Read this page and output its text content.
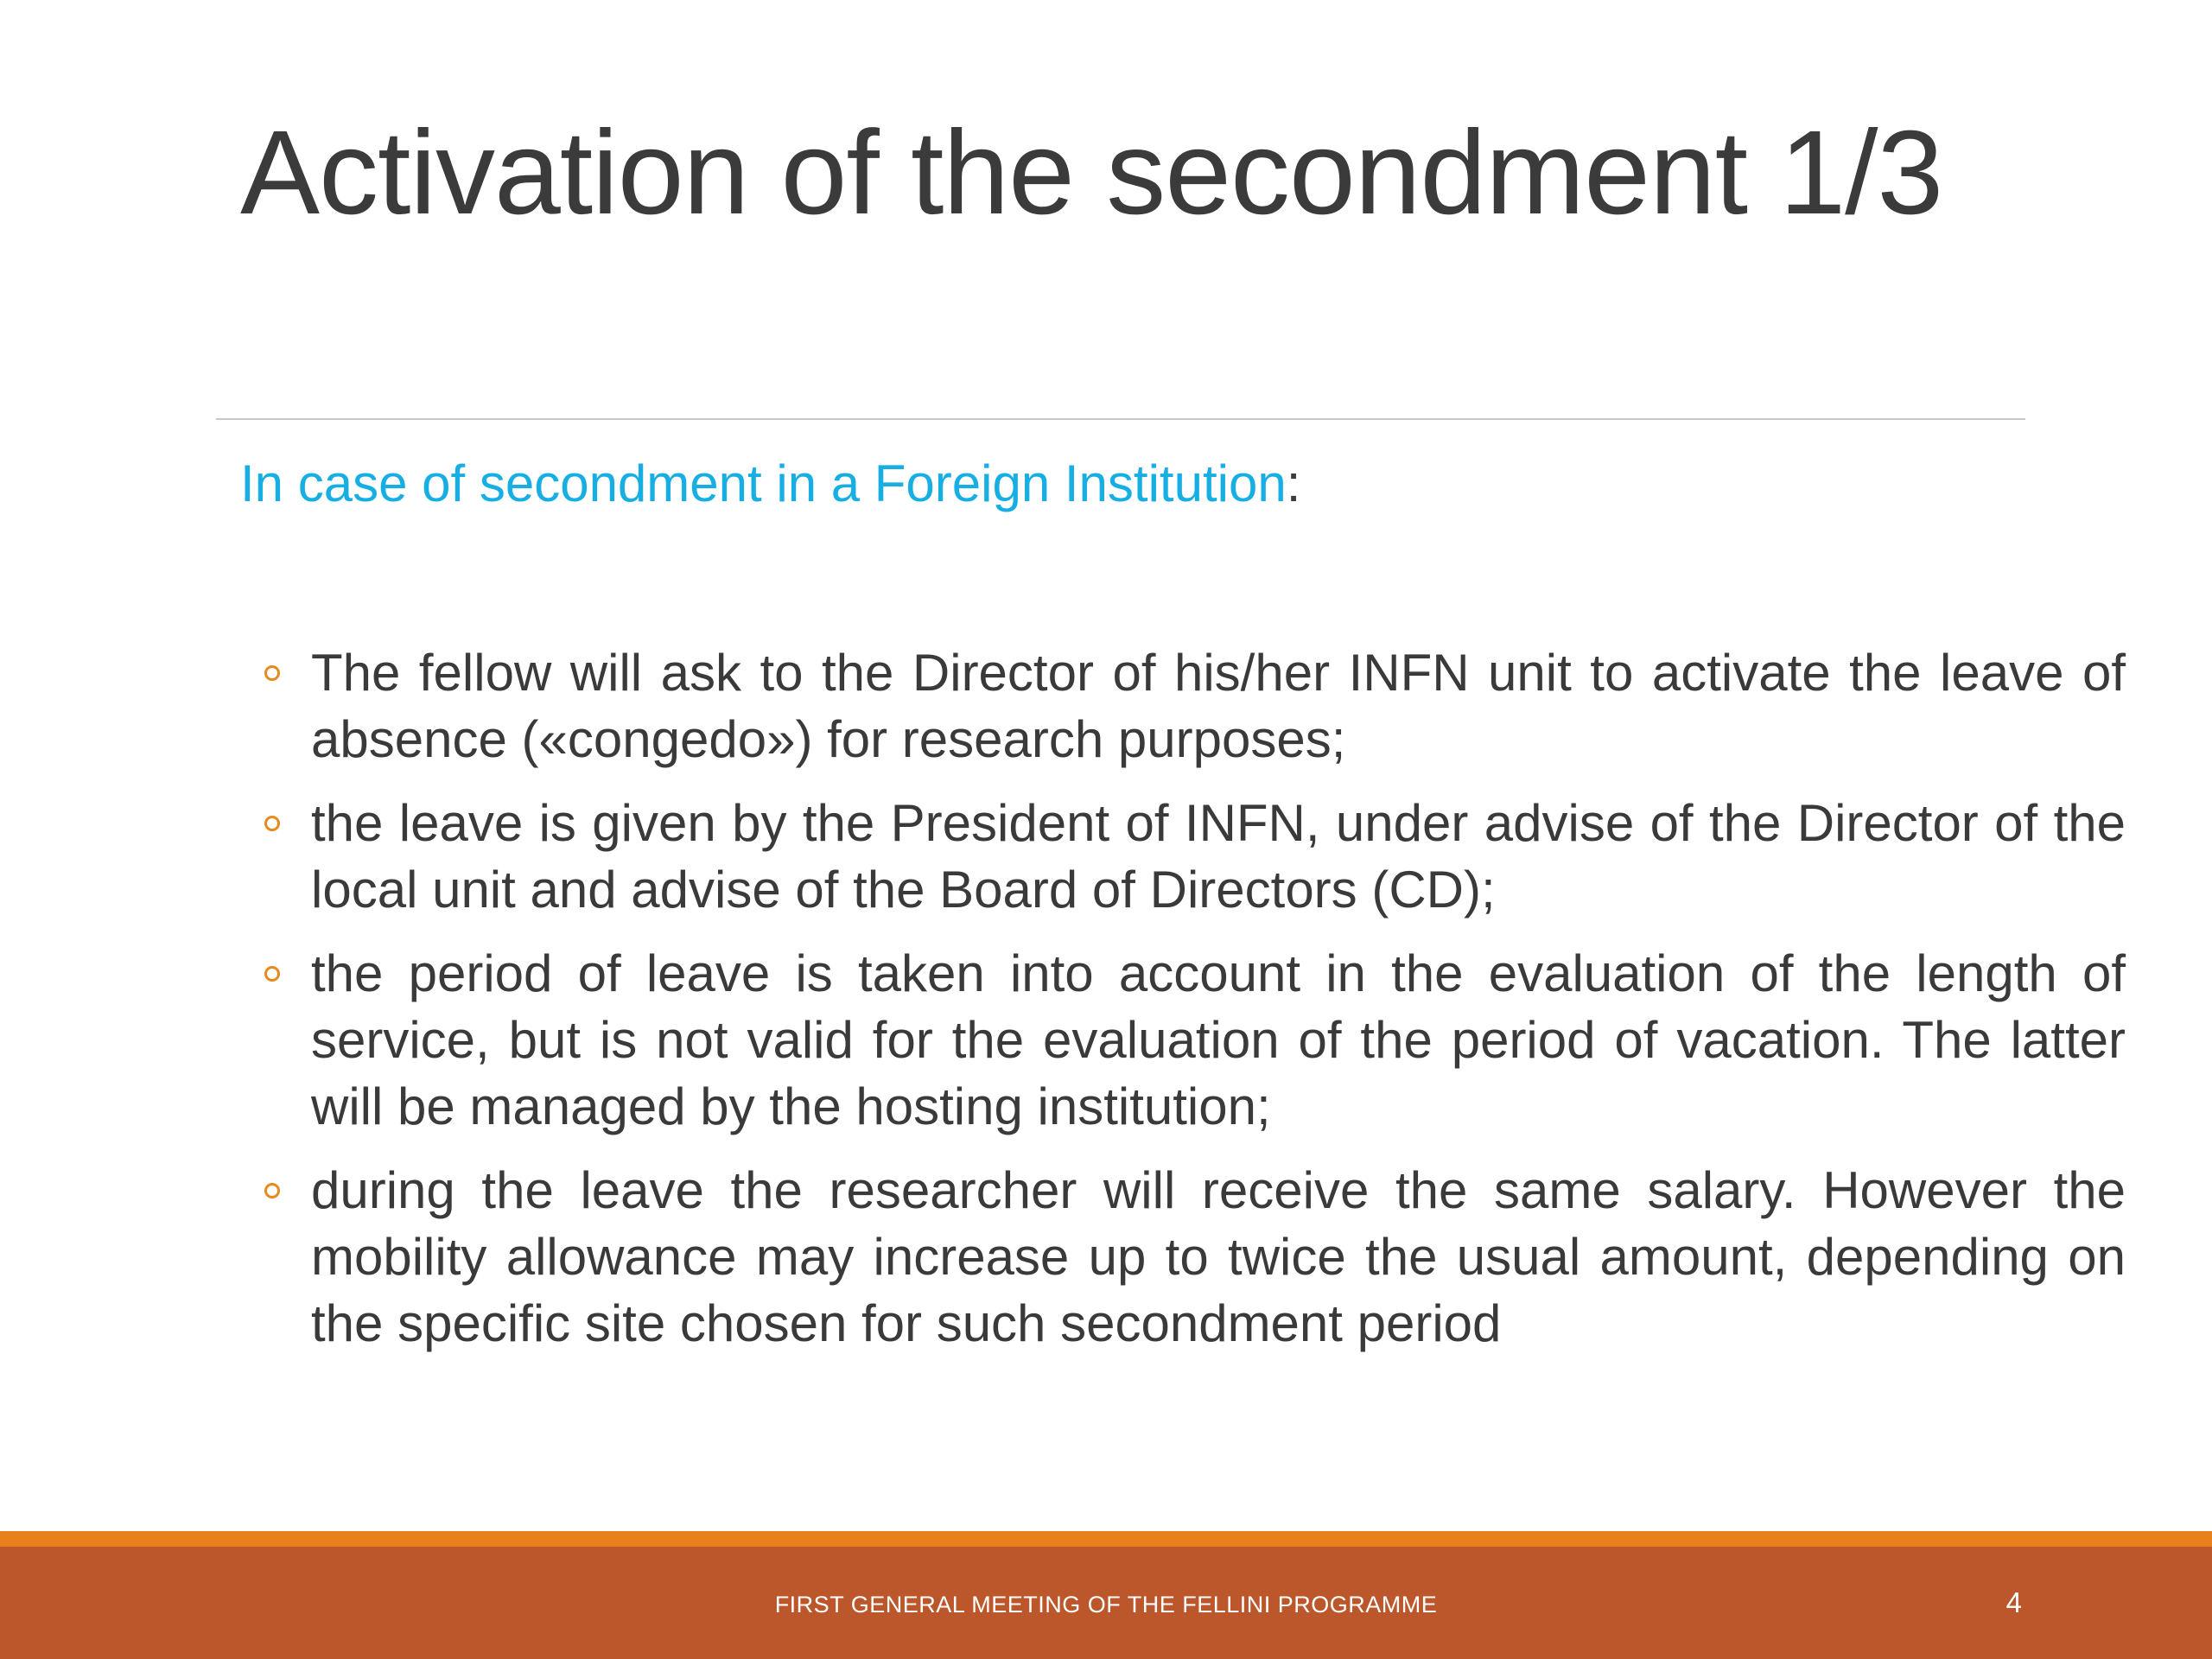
Activation of the secondment 1/3
In case of secondment in a Foreign Institution:
The fellow will ask to the Director of his/her INFN unit to activate the leave of absence («congedo») for research purposes;
the leave is given by the President of INFN, under advise of the Director of the local unit and advise of the Board of Directors (CD);
the period of leave is taken into account in the evaluation of the length of service, but is not valid for the evaluation of the period of vacation. The latter will be managed by the hosting institution;
during the leave the researcher will receive the same salary. However the mobility allowance may increase up to twice the usual amount, depending on the specific site chosen for such secondment period
FIRST GENERAL MEETING OF THE FELLINI PROGRAMME	4
